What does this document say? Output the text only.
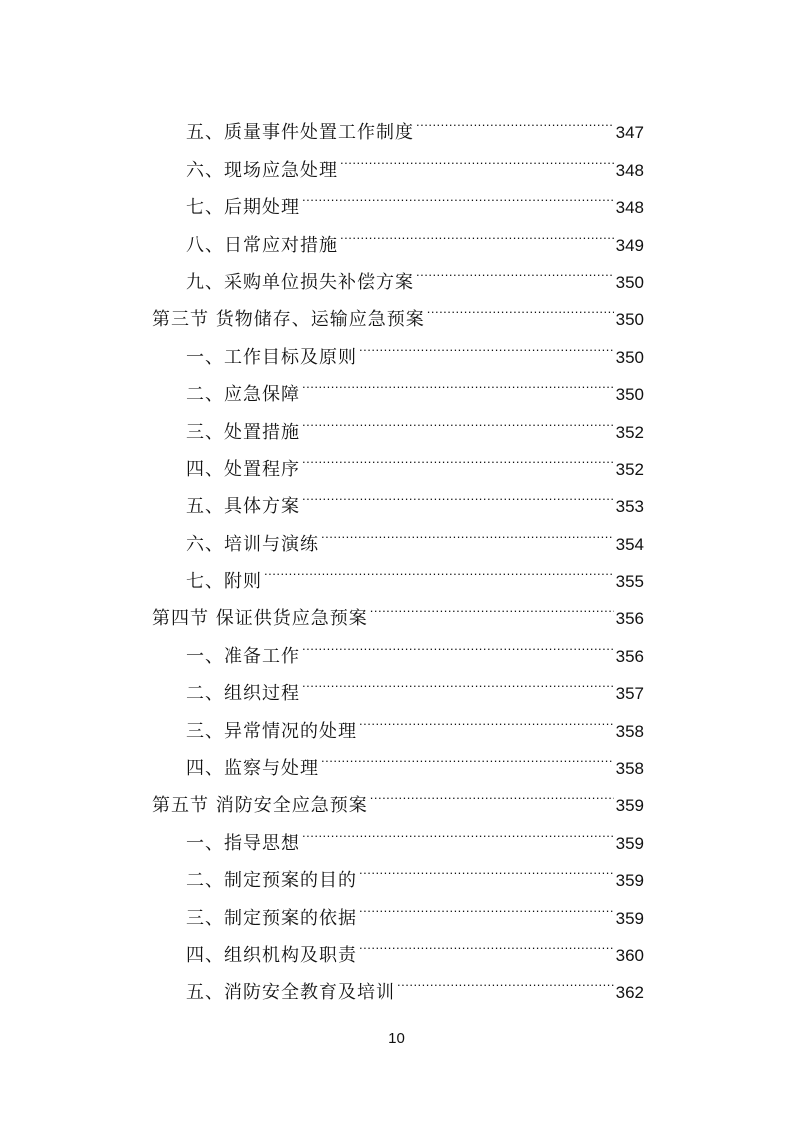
五、质量事件处置工作制度 .....	347
六、现场应急处理 .....	348
七、后期处理 .....	348
八、日常应对措施 .....	349
九、采购单位损失补偿方案 .....	350
第三节 货物储存、运输应急预案 .....	350
一、工作目标及原则 .....	350
二、应急保障 .....	350
三、处置措施 .....	352
四、处置程序 .....	352
五、具体方案 .....	353
六、培训与演练 .....	354
七、附则 .....	355
第四节 保证供货应急预案 .....	356
一、准备工作 .....	356
二、组织过程 .....	357
三、异常情况的处理 .....	358
四、监察与处理 .....	358
第五节 消防安全应急预案 .....	359
一、指导思想 .....	359
二、制定预案的目的 .....	359
三、制定预案的依据 .....	359
四、组织机构及职责 .....	360
五、消防安全教育及培训 .....	362
10
